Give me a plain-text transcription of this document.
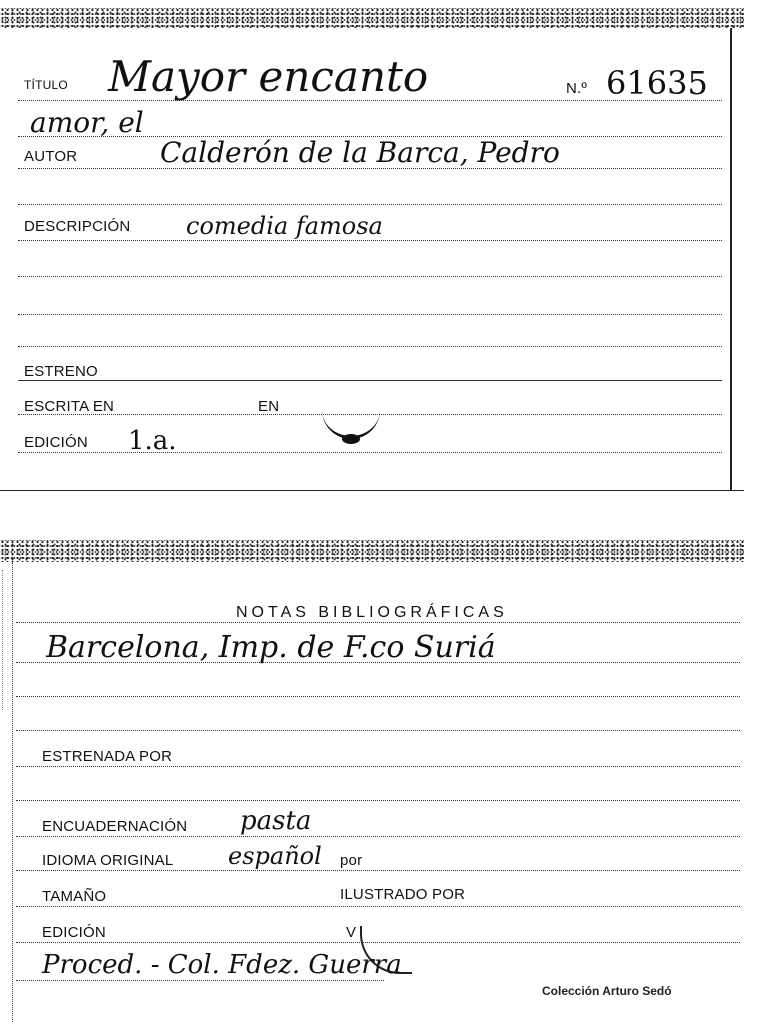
TÍTULO Mayor encanto	N.º 61635
amor, el
AUTOR	Calderón de la Barca, Pedro
DESCRIPCIÓN comedia famosa
ESTRENO
ESCRITA EN	EN
EDICIÓN 1.a.
NOTAS BIBLIOGRÁFICAS
Barcelona, Imp. de F.co Suriá
ESTRENADA POR
ENCUADERNACIÓN pasta
IDIOMA ORIGINAL español por
TAMAÑO	ILUSTRADO POR
EDICIÓN	V
Proced. - Col. Fdez. Guerra
Colección Arturo Sedó
